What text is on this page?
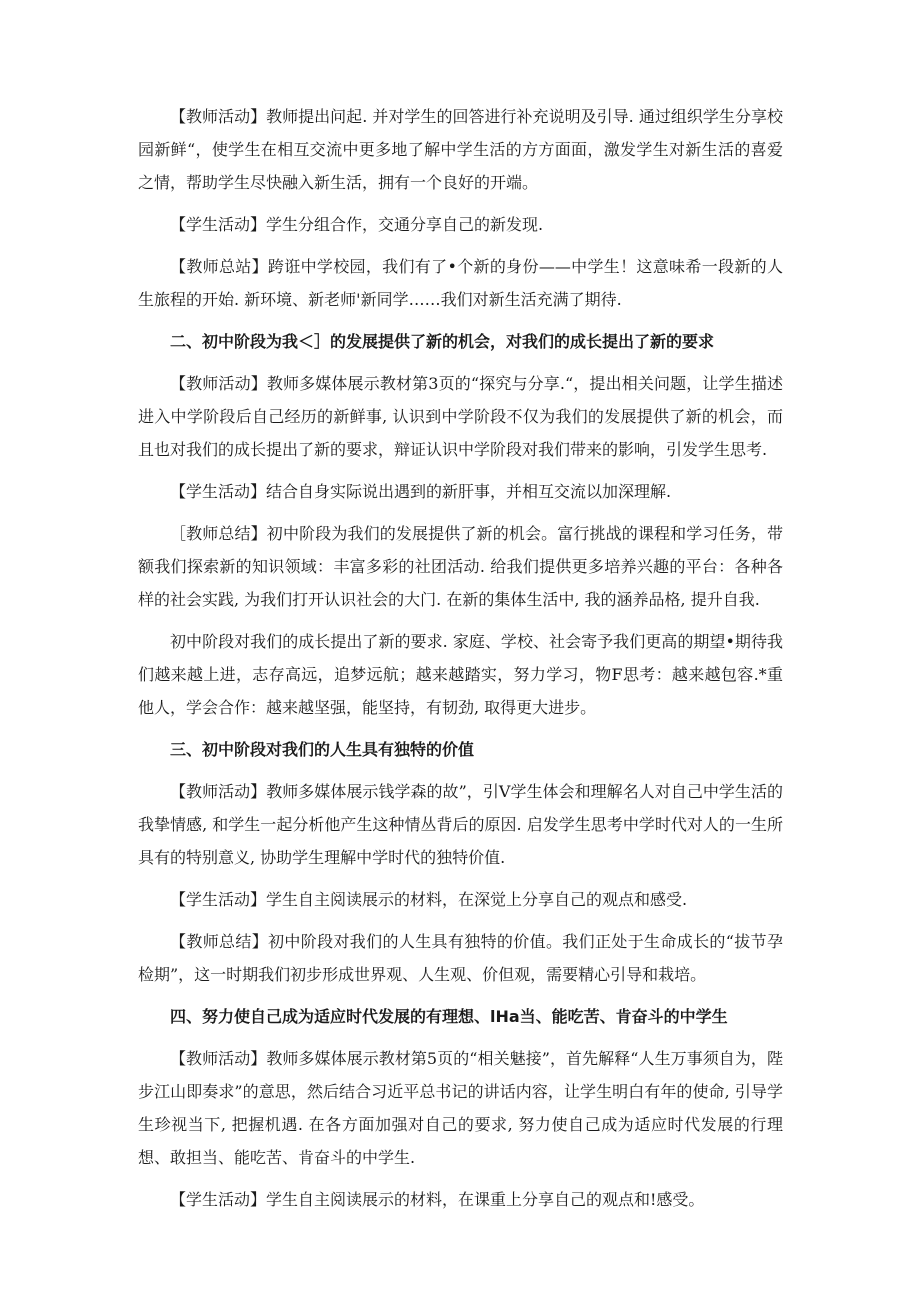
【教师活动】教师提出问起. 并对学生的回答进行补充说明及引导. 通过组织学生分享校园新鲜“，使学生在相互交流中更多地了解中学生活的方方面面，激发学生对新生活的喜爱之情，帮助学生尽快融入新生活，拥有一个良好的开端。

【学生活动】学生分组合作，交通分享自己的新发现.

【教师总站】跨诳中学校园，我们有了•个新的身份——中学生！这意味希一段新的人生旅程的开始. 新环境、新老师'新同学……我们对新生活充满了期待.

二、初中阶段为我＜］的发展提供了新的机会，对我们的成长提出了新的要求

【教师活动】教师多媒体展示教材第3页的“探究与分享.“，提出相关问题，让学生描述进入中学阶段后自己经历的新鲜事, 认识到中学阶段不仅为我们的发展提供了新的机会，而且也对我们的成长提出了新的要求，辩证认识中学阶段对我们带来的影响，引发学生思考.

【学生活动】结合自身实际说出遇到的新肝事，并相互交流以加深理解.

［教师总结】初中阶段为我们的发展提供了新的机会。富行挑战的课程和学习任务，带额我们探索新的知识领域：丰富多彩的社团活动. 给我们提供更多培养兴趣的平台：各种各样的社会实践, 为我们打开认识社会的大门. 在新的集体生活中, 我的涵养品格, 提升自我.

初中阶段对我们的成长提出了新的要求. 家庭、学校、社会寄予我们更高的期望•期待我们越来越上进，志存高远，追梦远航；越来越踏实，努力学习，物F思考：越来越包容.*重他人，学会合作：越来越坚强，能坚持，有韧劲, 取得更大进步。

三、初中阶段对我们的人生具有独特的价值

【教师活动】教师多媒体展示钱学森的故”，引V学生体会和理解名人对自己中学生活的我挚情感, 和学生一起分析他产生这种情丛背后的原因. 启发学生思考中学时代对人的一生所具有的特别意义, 协助学生理解中学时代的独特价值.

【学生活动】学生自主阅读展示的材料，在深觉上分享自己的观点和感受.

【教师总结】初中阶段对我们的人生具有独特的价值。我们正处于生命成长的“拔节孕检期”，这一时期我们初步形成世界观、人生观、价但观，需要精心引导和栽培。

四、努力使自己成为适应时代发展的有理想、lHa当、能吃苦、肯奋斗的中学生

【教师活动】教师多媒体展示教材第5页的“相关魅接”，首先解释“人生万事须自为，陛步江山即奏求”的意思，然后结合习近平总书记的讲话内容，让学生明白有年的使命, 引导学生珍视当下, 把握机遇. 在各方面加强对自己的要求, 努力使自己成为适应时代发展的行理想、敢担当、能吃苦、肯奋斗的中学生.

【学生活动】学生自主阅读展示的材料，在课重上分享自己的观点和!感受。
